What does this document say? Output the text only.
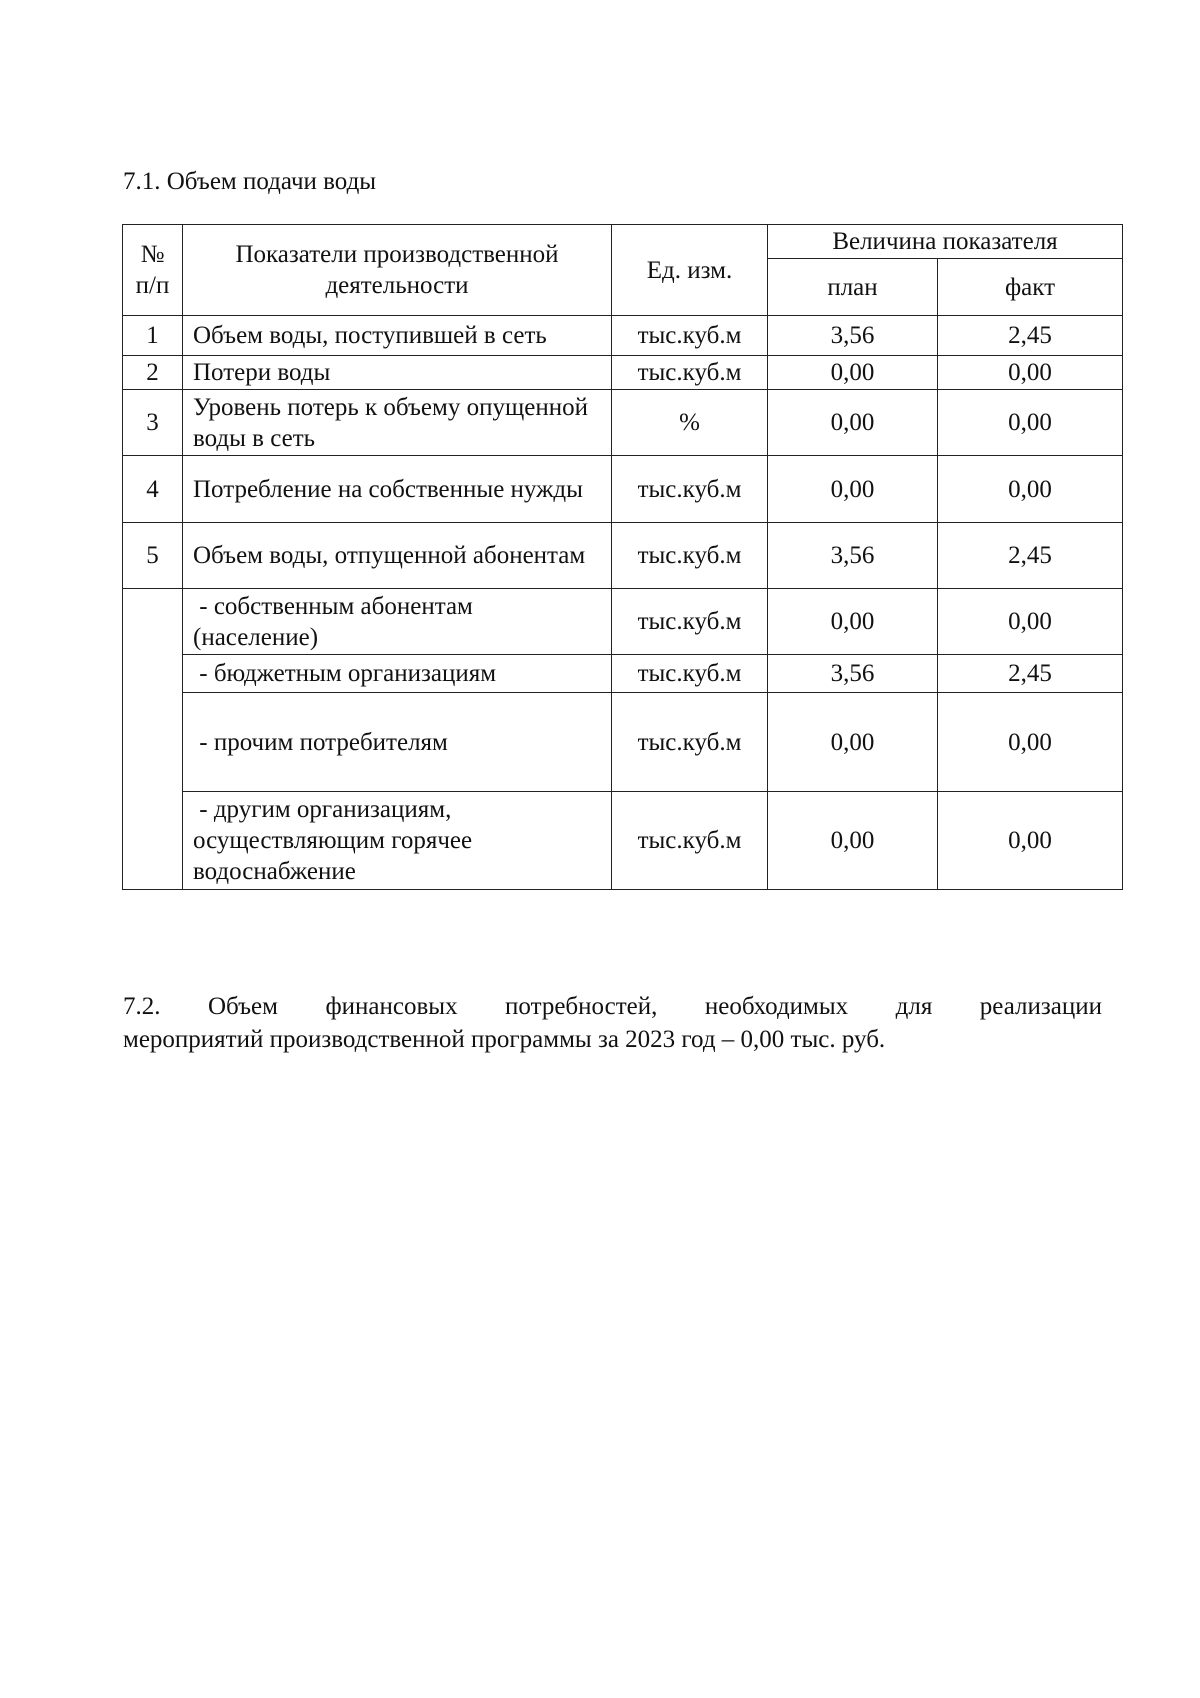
7.1. Объем подачи воды
№ п/п	Показатели производственной деятельности	Ед. изм.	Величина показателя	
			план	факт
1	Объем воды, поступившей в сеть	тыс.куб.м	3,56	2,45
2	Потери воды	тыс.куб.м	0,00	0,00
3	Уровень потерь к объему опущенной воды в сеть	%	0,00	0,00
4	Потребление на собственные нужды	тыс.куб.м	0,00	0,00
5	Объем воды, отпущенной абонентам	тыс.куб.м	3,56	2,45
	- собственным абонентам (население)	тыс.куб.м	0,00	0,00
	- бюджетным организациям	тыс.куб.м	3,56	2,45
	- прочим потребителям	тыс.куб.м	0,00	0,00
	- другим организациям, осуществляющим горячее водоснабжение	тыс.куб.м	0,00	0,00
7.2. Объем финансовых потребностей, необходимых для реализации
мероприятий производственной программы за 2023 год – 0,00 тыс. руб.
